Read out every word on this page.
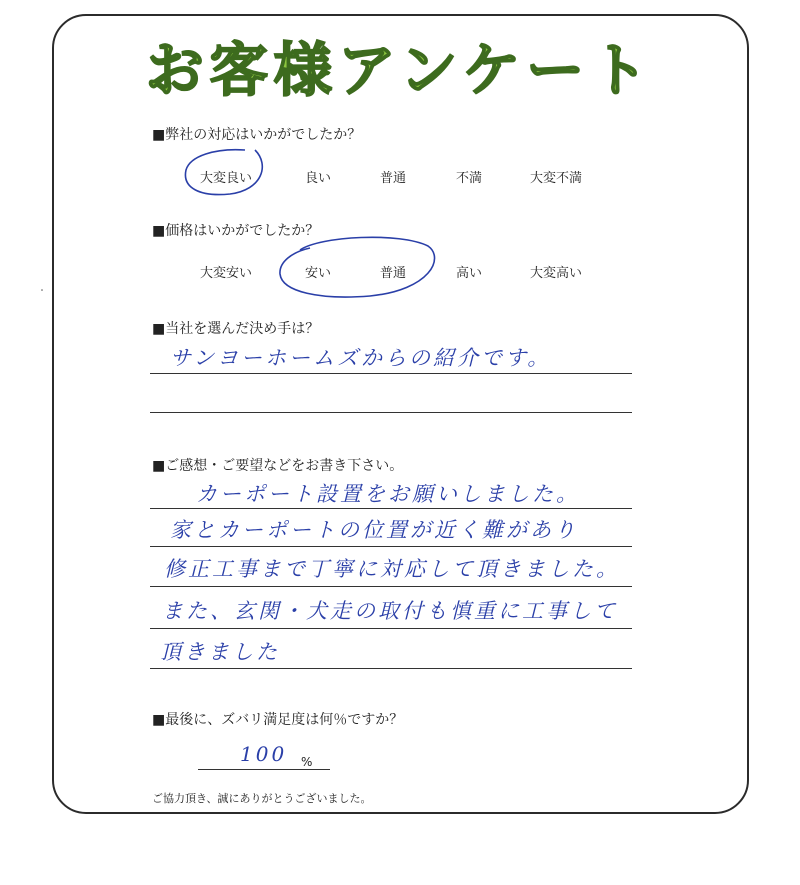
お客様アンケート
■弊社の対応はいかがでしたか？
大変良い	良い	普通	不満	大変不満
■価格はいかがでしたか？
大変安い	安い	普通	高い	大変高い
■当社を選んだ決め手は？
サンヨーホームズからの紹介です。
■ご感想・ご要望などをお書き下さい。
カーポート設置をお願いしました。
家とカーポートの位置が近く難があり
修正工事まで丁寧に対応して頂きました。
また、玄関・犬走の取付も慎重に工事して
頂きました
■最後に、ズバリ満足度は何％ですか？
100 %
ご協力頂き、誠にありがとうございました。
